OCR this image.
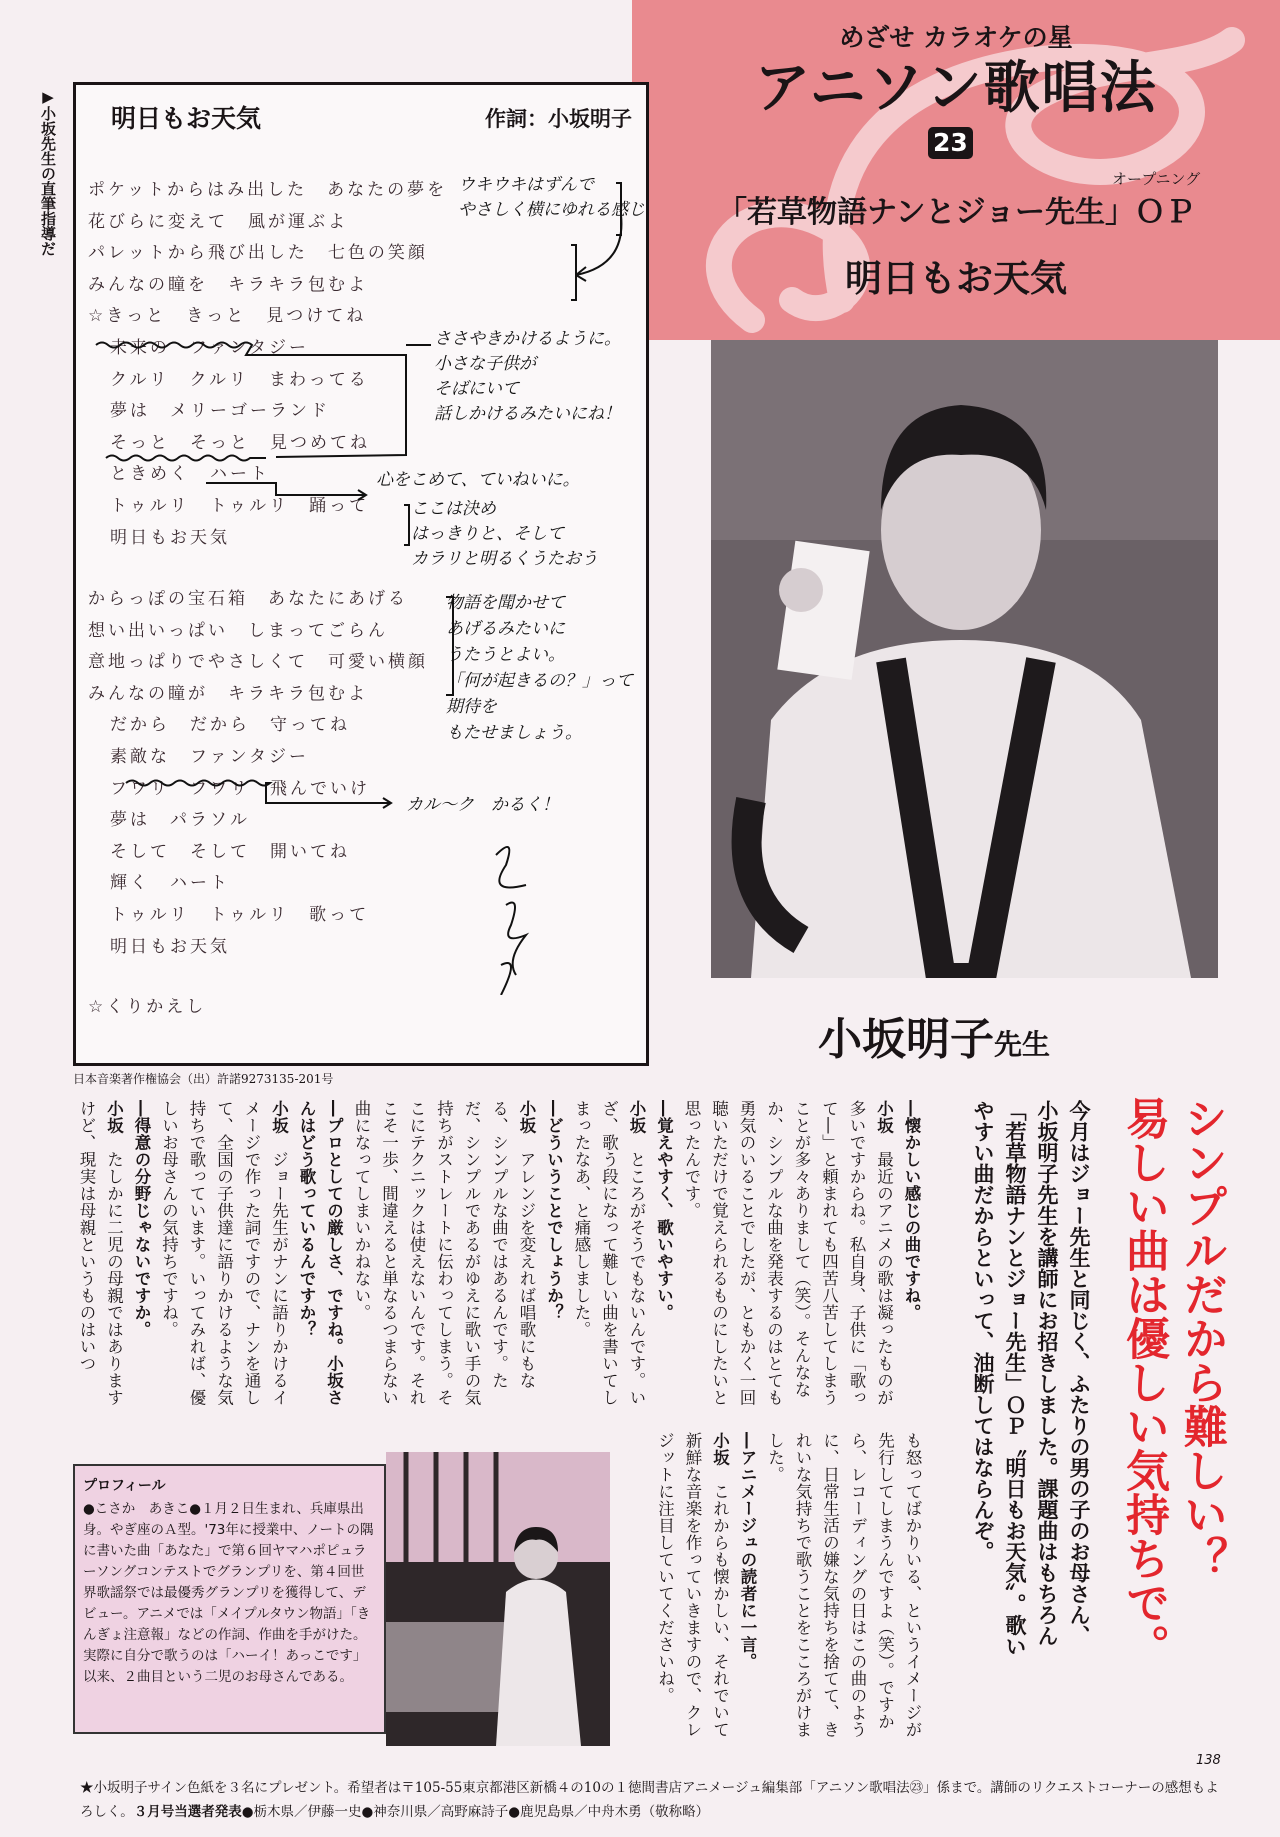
めざせ カラオケの星
アニソン歌唱法
23
オープニング
「若草物語ナンとジョー先生」ＯＰ
明日もお天気
▶小坂先生の直筆指導だ 明日もお天気	作詞：小坂明子
ポケットからはみ出した　あなたの夢を
花びらに変えて　風が運ぶよ
パレットから飛び出した　七色の笑顔
みんなの瞳を　キラキラ包むよ
☆きっと　きっと　見つけてね
未来の　ファンタジー
クルリ　クルリ　まわってる
夢は　メリーゴーランド
そっと　そっと　見つめてね
ときめく　ハート
トゥルリ　トゥルリ　踊って
明日もお天気
からっぽの宝石箱　あなたにあげる
想い出いっぱい　しまってごらん
意地っぱりでやさしくて　可愛い横顔
みんなの瞳が　キラキラ包むよ
だから　だから　守ってね
素敵な　ファンタジー
フワリ　フワリ　飛んでいけ
夢は　パラソル
そして　そして　開いてね
輝く　ハート
トゥルリ　トゥルリ　歌って
明日もお天気
☆くりかえし
ウキウキはずんで
やさしく横にゆれる感じ
ささやきかけるように。
小さな子供が
そばにいて
話しかけるみたいにね！
心をこめて、ていねいに。
ここは決め
はっきりと、そして
カラリと明るくうたおう
物語を聞かせて
あげるみたいに
うたうとよい。
「何が起きるの？」って
期待を
もたせましょう。
カル～ク　かるく！
日本音楽著作権協会（出）許諾9273135-201号
小坂明子先生
シンプルだから難しい？
易しい曲は優しい気持ちで。
今月はジョー先生と同じく、ふたりの男の子のお母さん、小坂明子先生を講師にお招きしました。課題曲はもちろん「若草物語ナンとジョー先生」ＯＰ〝明日もお天気〟。歌いやすい曲だからといって、油断してはならんぞ。

―懐かしい感じの曲ですね。

小坂　最近のアニメの歌は凝ったものが多いですからね。私自身、子供に「歌って―」と頼まれても四苦八苦してしまうことが多々ありまして（笑）。そんななか、シンプルな曲を発表するのはとても勇気のいることでしたが、ともかく一回聴いただけで覚えられるものにしたいと思ったんです。

―覚えやすく、歌いやすい。

小坂　ところがそうでもないんです。いざ、歌う段になって難しい曲を書いてしまったなあ、と痛感しました。

―どういうことでしょうか？

小坂　アレンジを変えれば唱歌にもなる、シンプルな曲ではあるんです。ただ、シンプルであるがゆえに歌い手の気持ちがストレートに伝わってしまう。そこにテクニックは使えないんです。それこそ一歩、間違えると単なるつまらない曲になってしまいかねない。

―プロとしての厳しさ、ですね。小坂さんはどう歌っているんですか？

小坂　ジョー先生がナンに語りかけるイメージで作った詞ですので、ナンを通して、全国の子供達に語りかけるような気持ちで歌っています。いってみれば、優しいお母さんの気持ちですね。

―得意の分野じゃないですか。

小坂　たしかに二児の母親ではありますけど、現実は母親というものはいつ

も怒ってばかりいる、というイメージが先行してしまうんですよ（笑）。ですから、レコーディングの日はこの曲のように、日常生活の嫌な気持ちを捨てて、きれいな気持ちで歌うことをこころがけました。

―アニメージュの読者に一言。

小坂　これからも懐かしい、それでいて新鮮な音楽を作っていきますので、クレジットに注目していてくださいね。

プロフィール
●こさか　あきこ●１月２日生まれ、兵庫県出身。やぎ座のＡ型。'73年に授業中、ノートの隅に書いた曲「あなた」で第６回ヤマハポピュラーソングコンテストでグランプリを、第４回世界歌謡祭では最優秀グランプリを獲得して、デビュー。アニメでは「メイプルタウン物語」「きんぎょ注意報」などの作詞、作曲を手がけた。実際に自分で歌うのは「ハーイ！あっこです」以来、２曲目という二児のお母さんである。
138
★小坂明子サイン色紙を３名にプレゼント。希望者は〒105-55東京都港区新橋４の10の１徳間書店アニメージュ編集部「アニソン歌唱法㉓」係まで。講師のリクエストコーナーの感想もよろしく。３月号当選者発表●栃木県／伊藤一史●神奈川県／高野麻詩子●鹿児島県／中舟木勇（敬称略）
